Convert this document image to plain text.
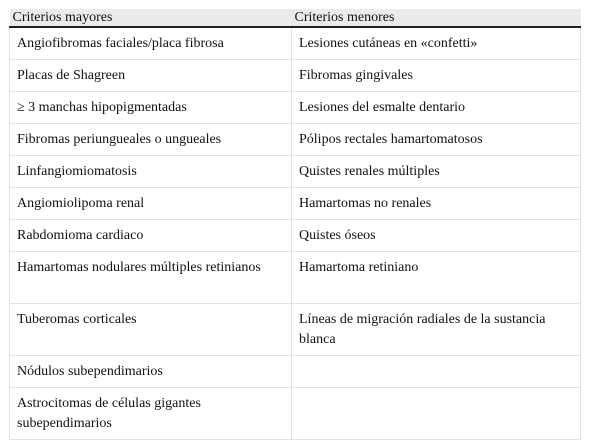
Criterios mayores	Criterios menores
Angiofibromas faciales/placa fibrosa	Lesiones cutáneas en «confetti»
Placas de Shagreen	Fibromas gingivales
≥ 3 manchas hipopigmentadas	Lesiones del esmalte dentario
Fibromas periungueales o ungueales	Pólipos rectales hamartomatosos
Linfangiomiomatosis	Quistes renales múltiples
Angiomiolipoma renal	Hamartomas no renales
Rabdomioma cardiaco	Quistes óseos
Hamartomas nodulares múltiples retinianos	Hamartoma retiniano
Tuberomas corticales	Líneas de migración radiales de la sustancia blanca
Nódulos subependimarios	
Astrocitomas de células gigantes subependimarios	
